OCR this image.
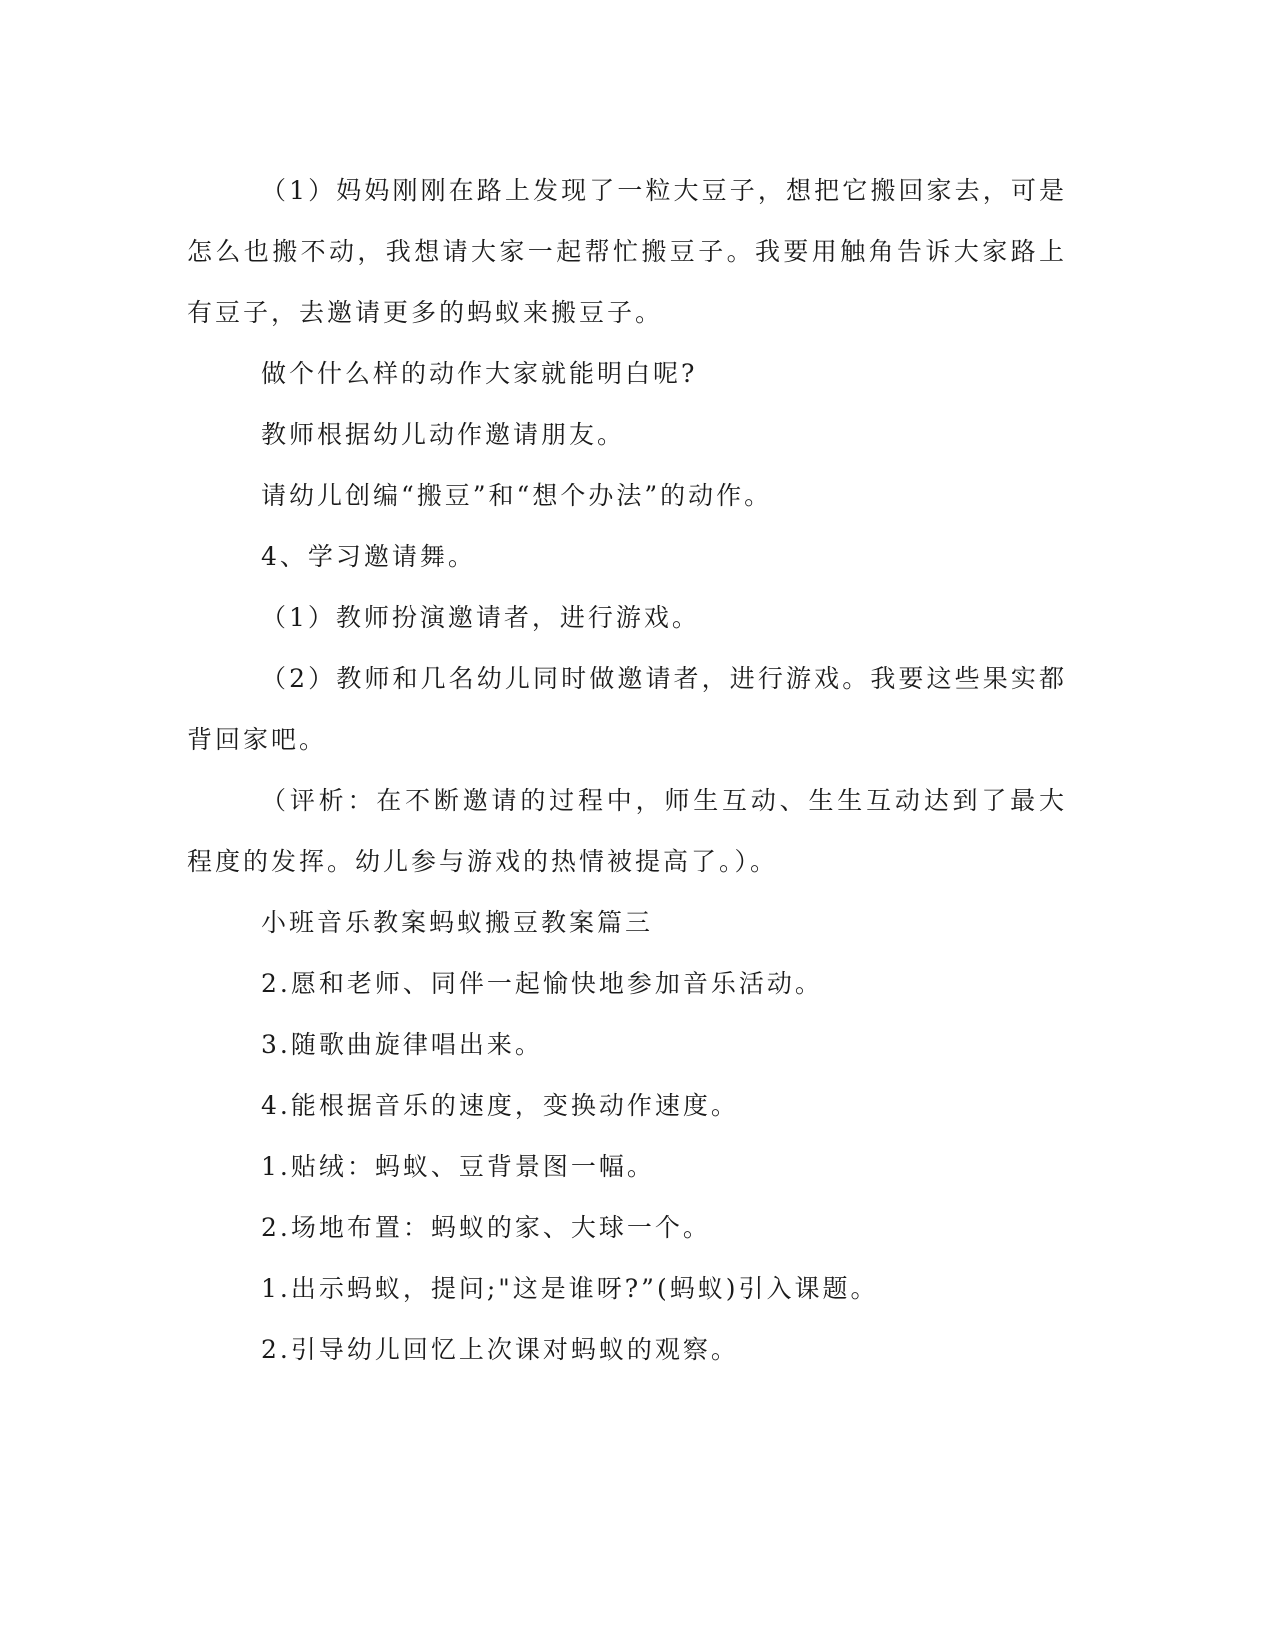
（1）妈妈刚刚在路上发现了一粒大豆子，想把它搬回家去，可是怎么也搬不动，我想请大家一起帮忙搬豆子。我要用触角告诉大家路上有豆子，去邀请更多的蚂蚁来搬豆子。

做个什么样的动作大家就能明白呢?

教师根据幼儿动作邀请朋友。

请幼儿创编“搬豆”和“想个办法”的动作。

4、学习邀请舞。

（1）教师扮演邀请者，进行游戏。

（2）教师和几名幼儿同时做邀请者，进行游戏。我要这些果实都背回家吧。

（评析：在不断邀请的过程中，师生互动、生生互动达到了最大程度的发挥。幼儿参与游戏的热情被提高了。）。

小班音乐教案蚂蚁搬豆教案篇三

2.愿和老师、同伴一起愉快地参加音乐活动。

3.随歌曲旋律唱出来。

4.能根据音乐的速度，变换动作速度。

1.贴绒：蚂蚁、豆背景图一幅。

2.场地布置：蚂蚁的家、大球一个。

1.出示蚂蚁，提问;"这是谁呀?”(蚂蚁)引入课题。

2.引导幼儿回忆上次课对蚂蚁的观察。
